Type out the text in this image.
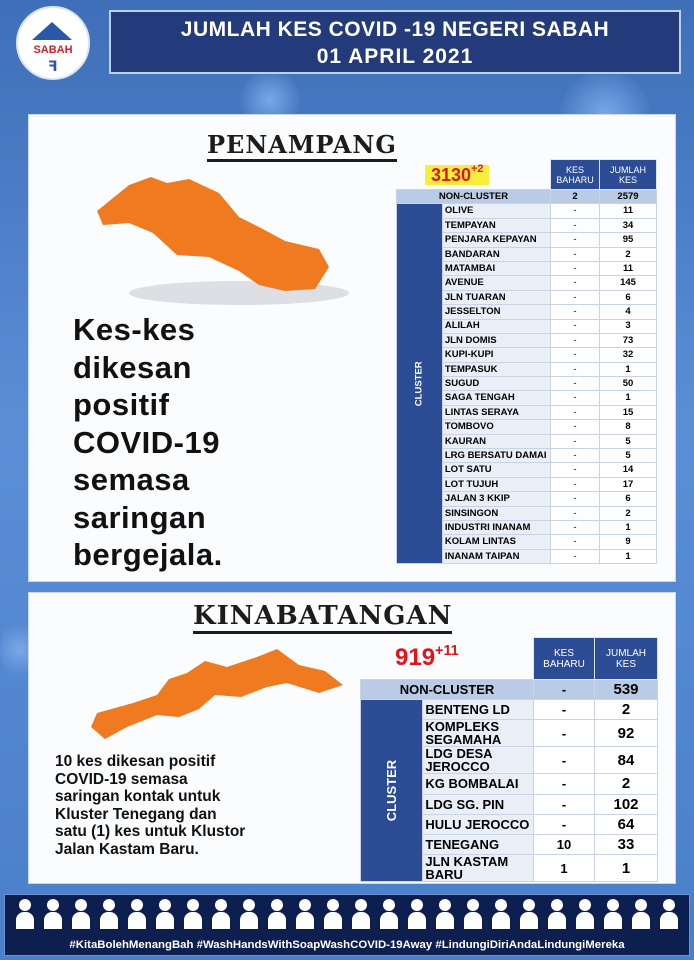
SABAH
ꟻ
JUMLAH KES COVID -19 NEGERI SABAH
01 APRIL 2021
PENAMPANG
Kes-kes
dikesan
positif
COVID-19
semasa
saringan
bergejala.
$3130^{+2}$
		KES BAHARU	JUMLAH KES
NON-CLUSTER		2	2579
CLUSTER	OLIVE	-	11
	TEMPAYAN	-	34
	PENJARA KEPAYAN	-	95
	BANDARAN	-	2
	MATAMBAI	-	11
	AVENUE	-	145
	JLN TUARAN	-	6
	JESSELTON	-	4
	ALILAH	-	3
	JLN DOMIS	-	73
	KUPI-KUPI	-	32
	TEMPASUK	-	1
	SUGUD	-	50
	SAGA TENGAH	-	1
	LINTAS SERAYA	-	15
	TOMBOVO	-	8
	KAURAN	-	5
	LRG BERSATU DAMAI	-	5
	LOT SATU	-	14
	LOT TUJUH	-	17
	JALAN 3 KKIP	-	6
	SINSINGON	-	2
	INDUSTRI INANAM	-	1
	KOLAM LINTAS	-	9
	INANAM TAIPAN	-	1
KINABATANGAN
10 kes dikesan positif
COVID-19 semasa
saringan kontak untuk
Kluster Tenegang dan
satu (1) kes untuk Klustor
Jalan Kastam Baru.
$919^{+11}$
		KES BAHARU	JUMLAH KES
NON-CLUSTER		-	539
CLUSTER	BENTENG LD	-	2
	KOMPLEKS SEGAMAHA	-	92
	LDG DESA JEROCCO	-	84
	KG BOMBALAI	-	2
	LDG SG. PIN	-	102
	HULU JEROCCO	-	64
	TENEGANG	10	33
	JLN KASTAM BARU	1	1
#KitaBolehMenangBah #WashHandsWithSoapWashCOVID-19Away #LindungiDiriAndaLindungiMereka
